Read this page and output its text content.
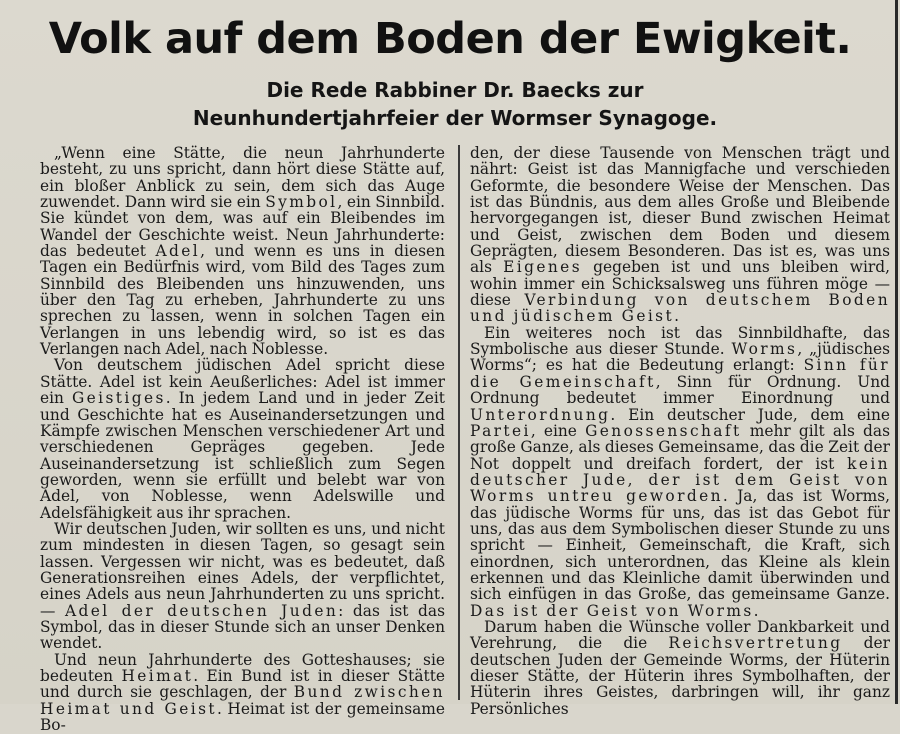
Volk auf dem Boden der Ewigkeit.
Die Rede Rabbiner Dr. Baecks zur
Neunhundertjahrfeier der Wormser Synagoge.

„Wenn eine Stätte, die neun Jahrhunderte besteht, zu uns spricht, dann hört diese Stätte auf, ein bloßer Anblick zu sein, dem sich das Auge zuwendet. Dann wird sie ein Symbol, ein Sinnbild. Sie kündet von dem, was auf ein Bleibendes im Wandel der Geschichte weist. Neun Jahrhunderte: das bedeutet Adel, und wenn es uns in diesen Tagen ein Bedürfnis wird, vom Bild des Tages zum Sinnbild des Bleibenden uns hinzuwenden, uns über den Tag zu erheben, Jahrhunderte zu uns sprechen zu lassen, wenn in solchen Tagen ein Verlangen in uns lebendig wird, so ist es das Verlangen nach Adel, nach Noblesse.

Von deutschem jüdischen Adel spricht diese Stätte. Adel ist kein Aeußerliches: Adel ist immer ein Geistiges. In jedem Land und in jeder Zeit und Geschichte hat es Auseinandersetzungen und Kämpfe zwischen Menschen verschiedener Art und verschiedenen Gepräges gegeben. Jede Auseinandersetzung ist schließlich zum Segen geworden, wenn sie erfüllt und belebt war von Adel, von Noblesse, wenn Adelswille und Adelsfähigkeit aus ihr sprachen.

Wir deutschen Juden, wir sollten es uns, und nicht zum mindesten in diesen Tagen, so gesagt sein lassen. Vergessen wir nicht, was es bedeutet, daß Generationsreihen eines Adels, der verpflichtet, eines Adels aus neun Jahrhunderten zu uns spricht. — Adel der deutschen Juden: das ist das Symbol, das in dieser Stunde sich an unser Denken wendet.

Und neun Jahrhunderte des Gotteshauses; sie bedeuten Heimat. Ein Bund ist in dieser Stätte und durch sie geschlagen, der Bund zwischen Heimat und Geist. Heimat ist der gemeinsame Bo-

den, der diese Tausende von Menschen trägt und nährt: Geist ist das Mannigfache und verschieden Geformte, die besondere Weise der Menschen. Das ist das Bündnis, aus dem alles Große und Bleibende hervorgegangen ist, dieser Bund zwischen Heimat und Geist, zwischen dem Boden und diesem Geprägten, diesem Besonderen. Das ist es, was uns als Eigenes gegeben ist und uns bleiben wird, wohin immer ein Schicksalsweg uns führen möge — diese Verbindung von deutschem Boden und jüdischem Geist.

Ein weiteres noch ist das Sinnbildhafte, das Symbolische aus dieser Stunde. Worms, „jüdisches Worms“; es hat die Bedeutung erlangt: Sinn für die Gemeinschaft, Sinn für Ordnung. Und Ordnung bedeutet immer Einordnung und Unterordnung. Ein deutscher Jude, dem eine Partei, eine Genossenschaft mehr gilt als das große Ganze, als dieses Gemeinsame, das die Zeit der Not doppelt und dreifach fordert, der ist kein deutscher Jude, der ist dem Geist von Worms untreu geworden. Ja, das ist Worms, das jüdische Worms für uns, das ist das Gebot für uns, das aus dem Symbolischen dieser Stunde zu uns spricht — Einheit, Gemeinschaft, die Kraft, sich einordnen, sich unterordnen, das Kleine als klein erkennen und das Kleinliche damit überwinden und sich einfügen in das Große, das gemeinsame Ganze. Das ist der Geist von Worms.

Darum haben die Wünsche voller Dankbarkeit und Verehrung, die die Reichsvertretung der deutschen Juden der Gemeinde Worms, der Hüterin dieser Stätte, der Hüterin ihres Symbolhaften, der Hüterin ihres Geistes, darbringen will, ihr ganz Persönliches
